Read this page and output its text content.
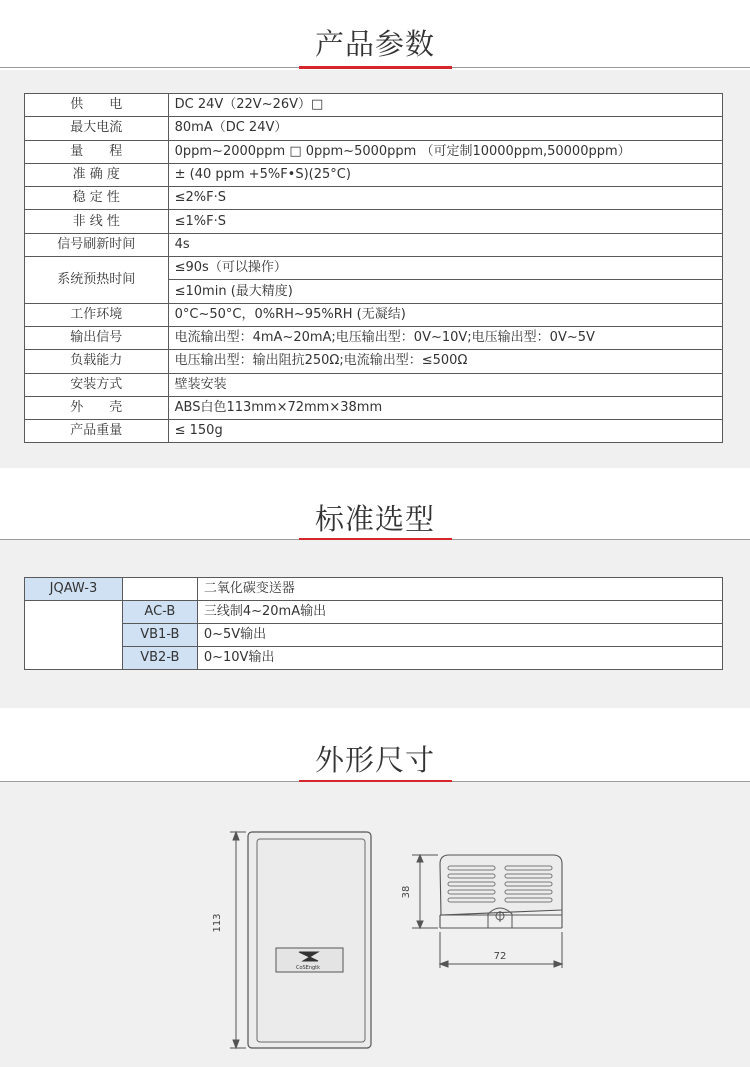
产品参数
供　　电	DC 24V（22V~26V）□
最大电流	80mA（DC 24V）
量　　程	0ppm~2000ppm □ 0ppm~5000ppm （可定制10000ppm,50000ppm）
准 确 度	± (40 ppm +5%F•S)(25°C)
稳 定 性	≤2%F·S
非 线 性	≤1%F·S
信号刷新时间	4s
系统预热时间	≤90s（可以操作）
	≤10min (最大精度)
工作环境	0°C~50°C，0%RH~95%RH (无凝结)
输出信号	电流输出型：4mA~20mA;电压输出型：0V~10V;电压输出型：0V~5V
负载能力	电压输出型：输出阻抗250Ω;电流输出型：≤500Ω
安装方式	壁装安装
外　　壳	ABS白色113mm×72mm×38mm
产品重量	≤ 150g
标准选型
JQAW-3		二氧化碳变送器
	AC-B	三线制4~20mA输出
	VB1-B	0~5V输出
	VB2-B	0~10V输出
外形尺寸
CoSEngtk
113
38
72
